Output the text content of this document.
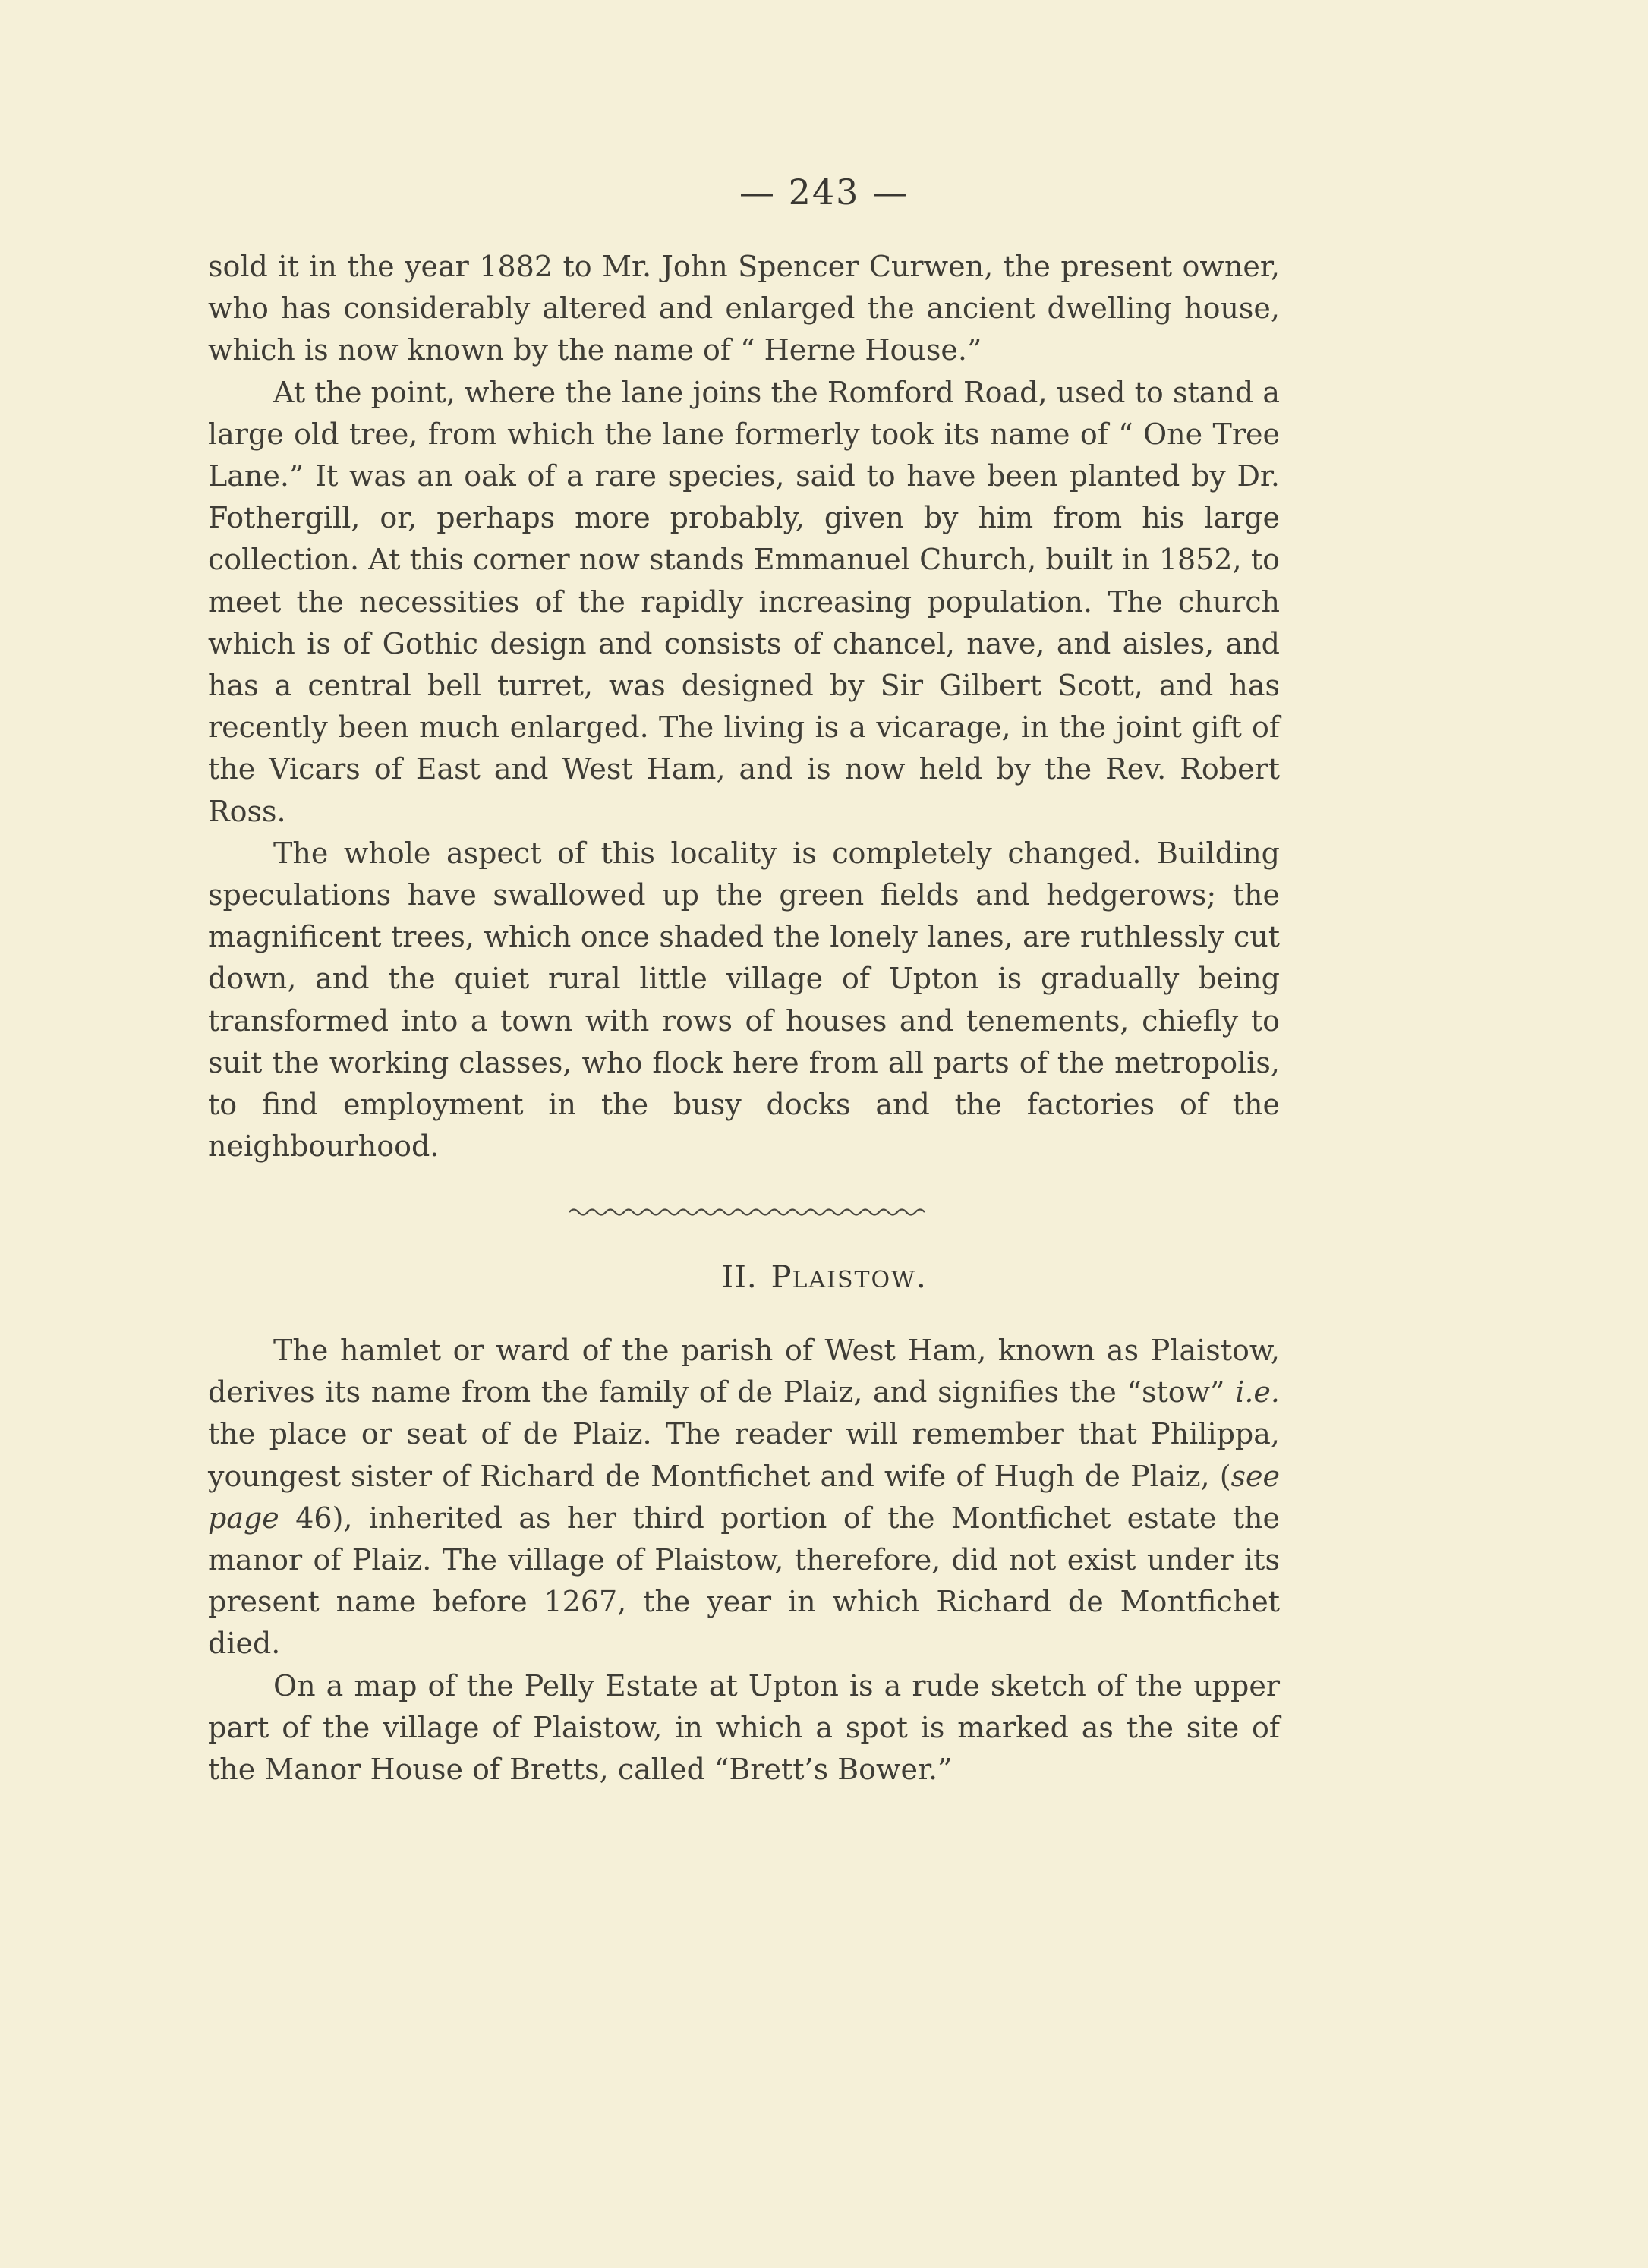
— 243 —

sold it in the year 1882 to Mr. John Spencer Curwen, the present owner, who has considerably altered and enlarged the ancient dwelling house, which is now known by the name of “ Herne House.”

At the point, where the lane joins the Romford Road, used to stand a large old tree, from which the lane formerly took its name of “ One Tree Lane.” It was an oak of a rare species, said to have been planted by Dr. Fothergill, or, perhaps more probably, given by him from his large collection. At this corner now stands Emmanuel Church, built in 1852, to meet the necessities of the rapidly increasing population. The church which is of Gothic design and consists of chancel, nave, and aisles, and has a central bell turret, was designed by Sir Gilbert Scott, and has recently been much enlarged. The living is a vicarage, in the joint gift of the Vicars of East and West Ham, and is now held by the Rev. Robert Ross.

The whole aspect of this locality is completely changed. Building speculations have swallowed up the green fields and hedgerows; the magnificent trees, which once shaded the lonely lanes, are ruthlessly cut down, and the quiet rural little village of Upton is gradually being transformed into a town with rows of houses and tenements, chiefly to suit the working classes, who flock here from all parts of the metropolis, to find employment in the busy docks and the factories of the neighbourhood.

II. PLAISTOW.

The hamlet or ward of the parish of West Ham, known as Plaistow, derives its name from the family of de Plaiz, and signifies the “stow” i.e. the place or seat of de Plaiz. The reader will remember that Philippa, youngest sister of Richard de Montfichet and wife of Hugh de Plaiz, (see page 46), inherited as her third portion of the Montfichet estate the manor of Plaiz. The village of Plaistow, therefore, did not exist under its present name before 1267, the year in which Richard de Montfichet died.

On a map of the Pelly Estate at Upton is a rude sketch of the upper part of the village of Plaistow, in which a spot is marked as the site of the Manor House of Bretts, called “Brett’s Bower.”
